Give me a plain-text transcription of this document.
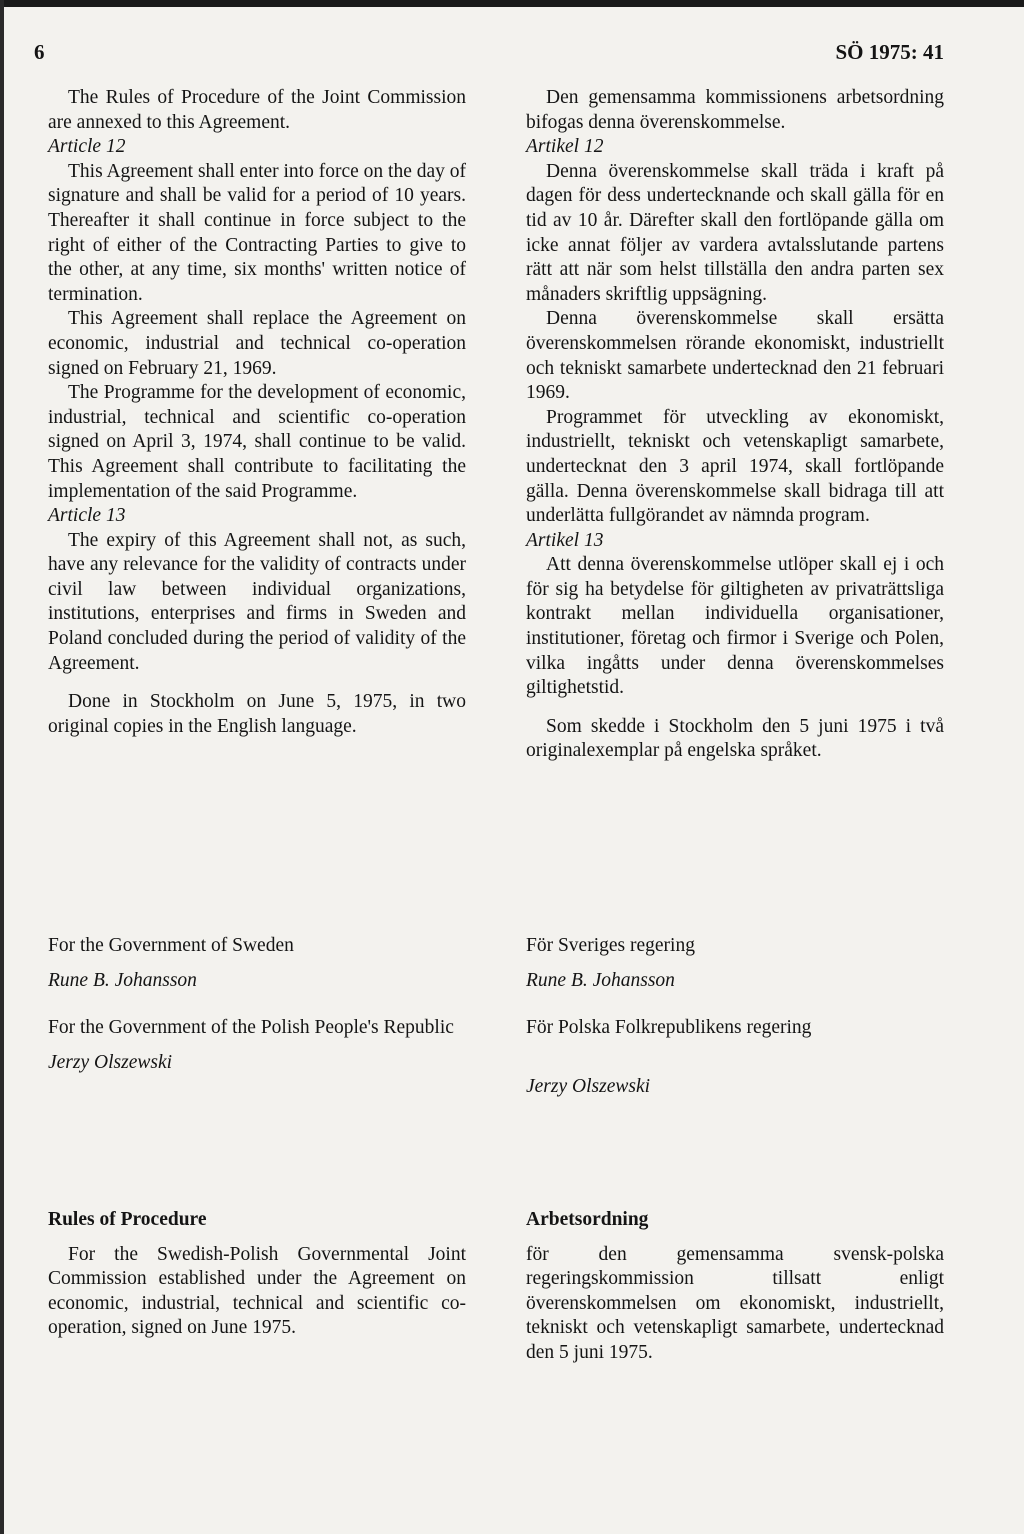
6	SÖ 1975: 41

The Rules of Procedure of the Joint Commission are annexed to this Agreement.

Article 12

This Agreement shall enter into force on the day of signature and shall be valid for a period of 10 years. Thereafter it shall continue in force subject to the right of either of the Contracting Parties to give to the other, at any time, six months' written notice of termination.

This Agreement shall replace the Agreement on economic, industrial and technical co-operation signed on February 21, 1969.

The Programme for the development of economic, industrial, technical and scientific co-operation signed on April 3, 1974, shall continue to be valid. This Agreement shall contribute to facilitating the implementation of the said Programme.

Article 13

The expiry of this Agreement shall not, as such, have any relevance for the validity of contracts under civil law between individual organizations, institutions, enterprises and firms in Sweden and Poland concluded during the period of validity of the Agreement.

Done in Stockholm on June 5, 1975, in two original copies in the English language.

Den gemensamma kommissionens arbetsordning bifogas denna överenskommelse.

Artikel 12

Denna överenskommelse skall träda i kraft på dagen för dess undertecknande och skall gälla för en tid av 10 år. Därefter skall den fortlöpande gälla om icke annat följer av vardera avtalsslutande partens rätt att när som helst tillställa den andra parten sex månaders skriftlig uppsägning.

Denna överenskommelse skall ersätta överenskommelsen rörande ekonomiskt, industriellt och tekniskt samarbete undertecknad den 21 februari 1969.

Programmet för utveckling av ekonomiskt, industriellt, tekniskt och vetenskapligt samarbete, undertecknat den 3 april 1974, skall fortlöpande gälla. Denna överenskommelse skall bidraga till att underlätta fullgörandet av nämnda program.

Artikel 13

Att denna överenskommelse utlöper skall ej i och för sig ha betydelse för giltigheten av privaträttsliga kontrakt mellan individuella organisationer, institutioner, företag och firmor i Sverige och Polen, vilka ingåtts under denna överenskommelses giltighetstid.

Som skedde i Stockholm den 5 juni 1975 i två originalexemplar på engelska språket.

For the Government of Sweden

Rune B. Johansson

For the Government of the Polish People's Republic

Jerzy Olszewski

För Sveriges regering

Rune B. Johansson

För Polska Folkrepublikens regering

Jerzy Olszewski

Rules of Procedure

For the Swedish-Polish Governmental Joint Commission established under the Agreement on economic, industrial, technical and scientific co-operation, signed on June 1975.

Arbetsordning

för den gemensamma svensk-polska regeringskommission tillsatt enligt överenskommelsen om ekonomiskt, industriellt, tekniskt och vetenskapligt samarbete, undertecknad den 5 juni 1975.
